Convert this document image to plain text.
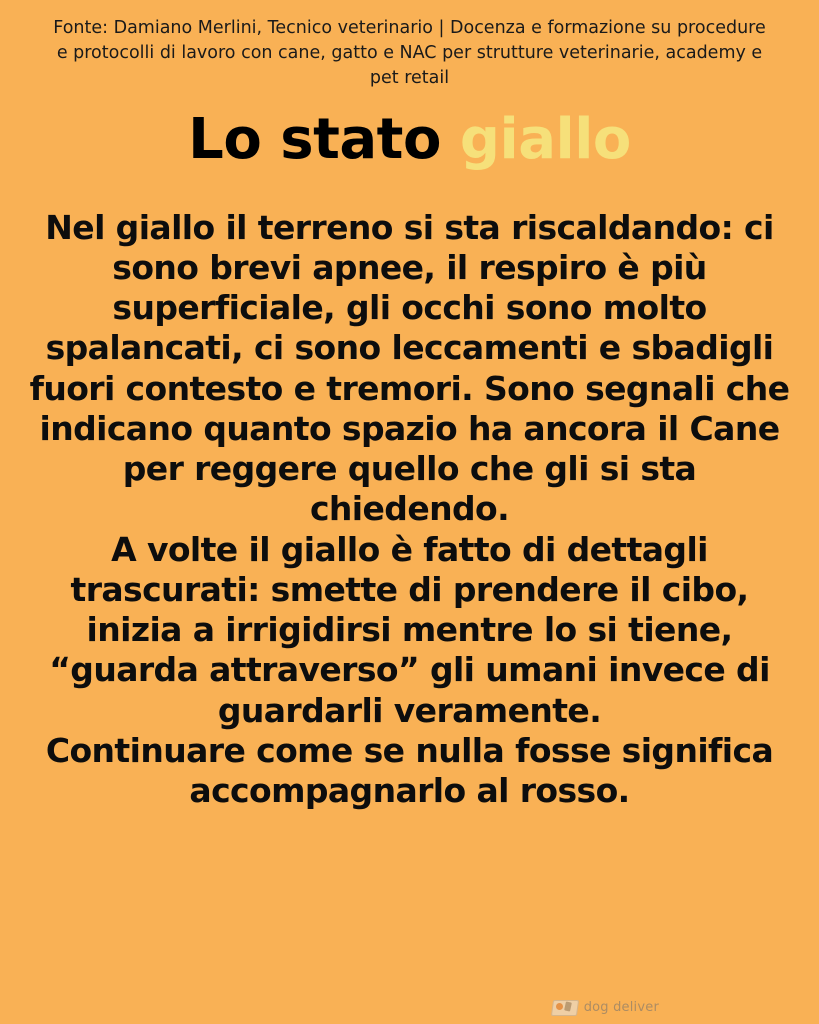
Fonte: Damiano Merlini, Tecnico veterinario | Docenza e formazione su procedure e protocolli di lavoro con cane, gatto e NAC per strutture veterinarie, academy e pet retail
Lo stato giallo

Nel giallo il terreno si sta riscaldando: ci sono brevi apnee, il respiro è più superficiale, gli occhi sono molto spalancati, ci sono leccamenti e sbadigli fuori contesto e tremori. Sono segnali che indicano quanto spazio ha ancora il Cane per reggere quello che gli si sta chiedendo.

A volte il giallo è fatto di dettagli trascurati: smette di prendere il cibo, inizia a irrigidirsi mentre lo si tiene, “guarda attraverso” gli umani invece di guardarli veramente.

Continuare come se nulla fosse significa accompagnarlo al rosso.

dog deliver
